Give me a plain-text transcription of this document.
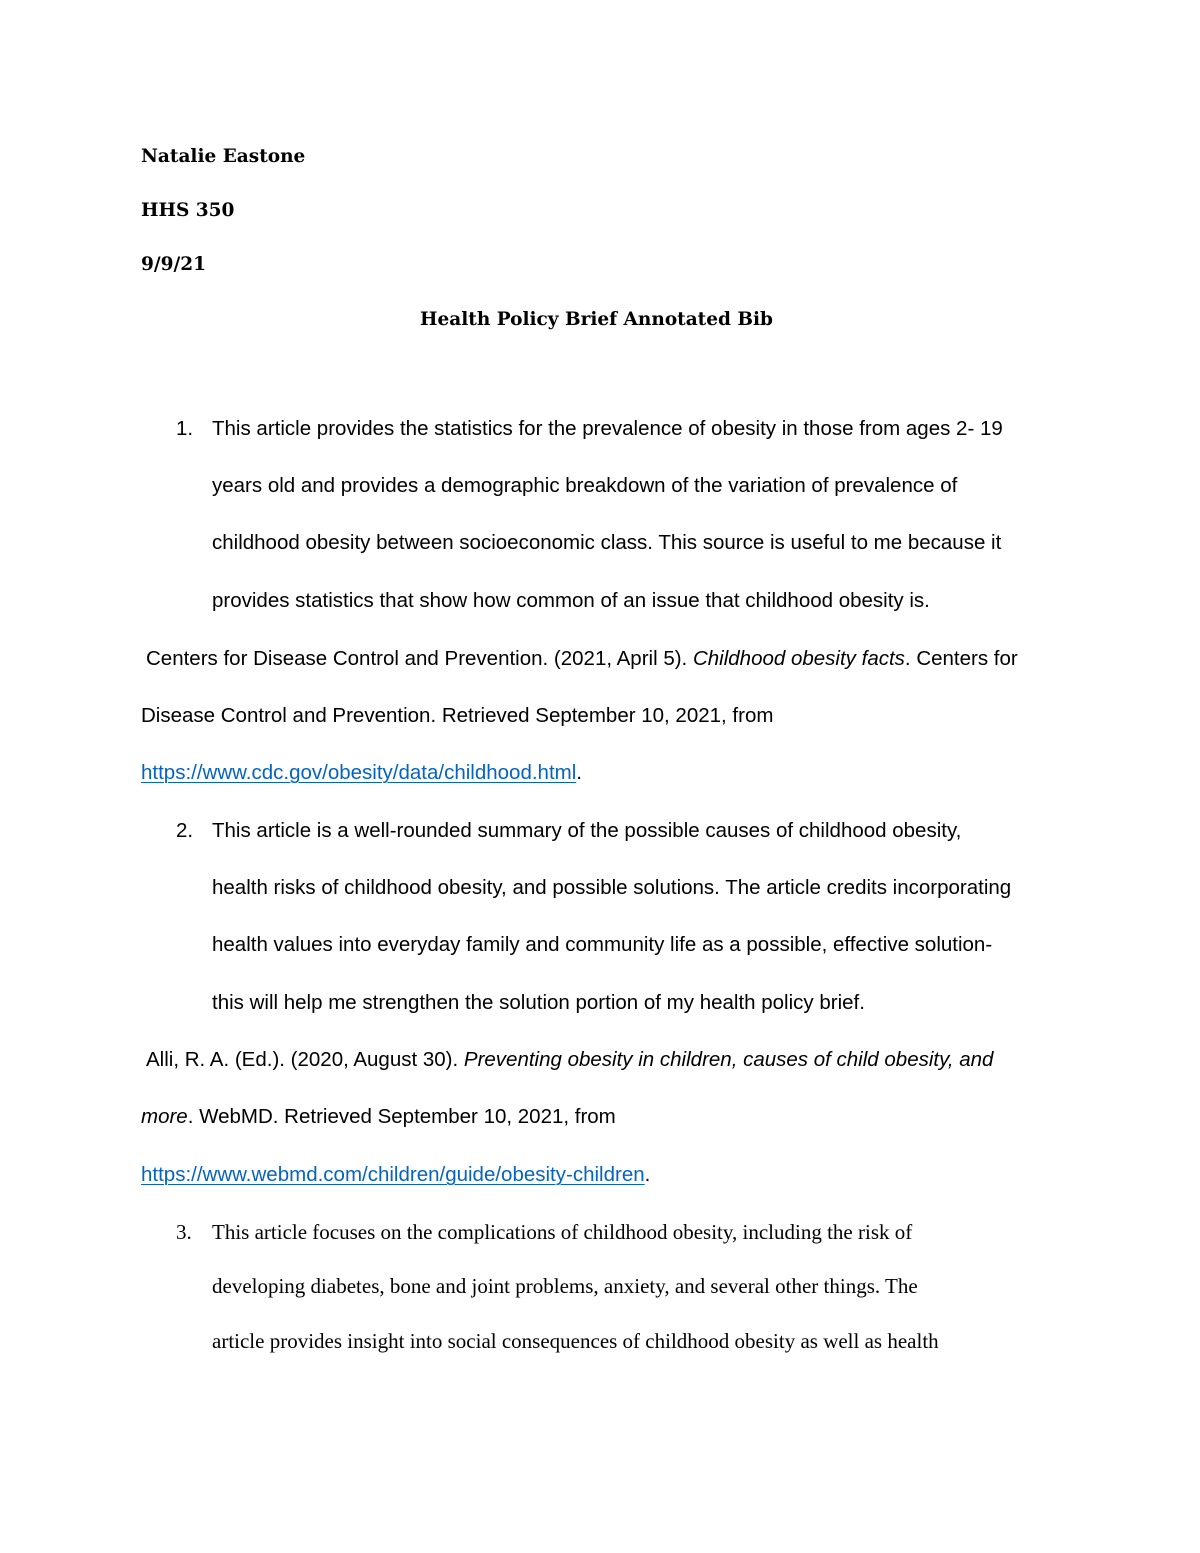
Natalie Eastone
HHS 350
9/9/21
Health Policy Brief Annotated Bib
1. This article provides the statistics for the prevalence of obesity in those from ages 2- 19
years old and provides a demographic breakdown of the variation of prevalence of
childhood obesity between socioeconomic class. This source is useful to me because it
provides statistics that show how common of an issue that childhood obesity is.
Centers for Disease Control and Prevention. (2021, April 5). Childhood obesity facts. Centers for
Disease Control and Prevention. Retrieved September 10, 2021, from
https://www.cdc.gov/obesity/data/childhood.html.
2. This article is a well-rounded summary of the possible causes of childhood obesity,
health risks of childhood obesity, and possible solutions. The article credits incorporating
health values into everyday family and community life as a possible, effective solution-
this will help me strengthen the solution portion of my health policy brief.
Alli, R. A. (Ed.). (2020, August 30). Preventing obesity in children, causes of child obesity, and
more. WebMD. Retrieved September 10, 2021, from
https://www.webmd.com/children/guide/obesity-children.
3. This article focuses on the complications of childhood obesity, including the risk of
developing diabetes, bone and joint problems, anxiety, and several other things. The
article provides insight into social consequences of childhood obesity as well as health
